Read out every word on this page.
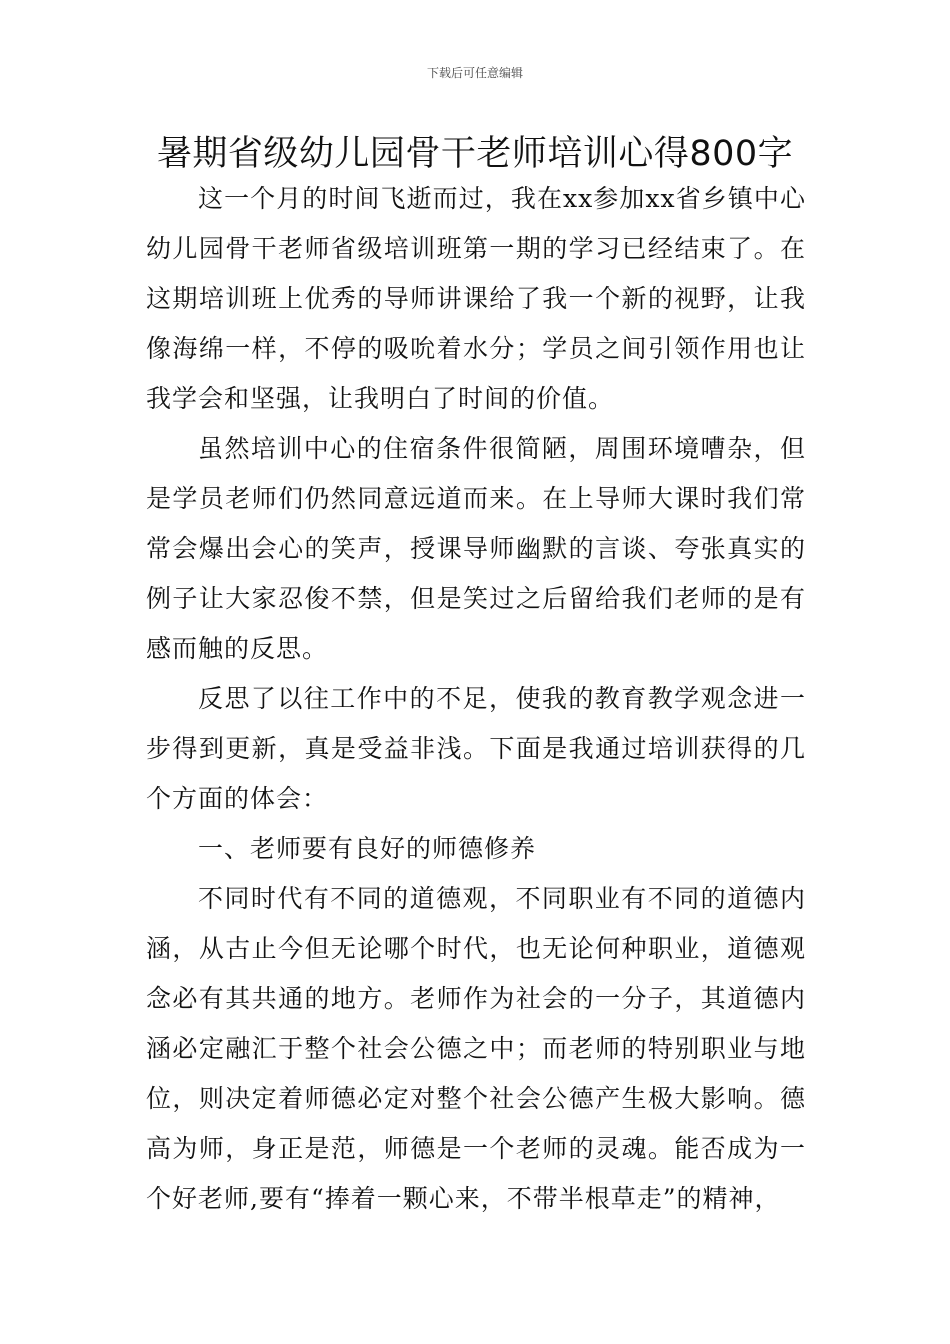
下载后可任意编辑
暑期省级幼儿园骨干老师培训心得800字

这一个月的时间飞逝而过，我在xx参加xx省乡镇中心幼儿园骨干老师省级培训班第一期的学习已经结束了。在这期培训班上优秀的导师讲课给了我一个新的视野，让我像海绵一样，不停的吸吮着水分；学员之间引领作用也让我学会和坚强，让我明白了时间的价值。

虽然培训中心的住宿条件很简陋，周围环境嘈杂，但是学员老师们仍然同意远道而来。在上导师大课时我们常常会爆出会心的笑声，授课导师幽默的言谈、夸张真实的例子让大家忍俊不禁，但是笑过之后留给我们老师的是有感而触的反思。

反思了以往工作中的不足，使我的教育教学观念进一步得到更新，真是受益非浅。下面是我通过培训获得的几个方面的体会：

一、老师要有良好的师德修养

不同时代有不同的道德观，不同职业有不同的道德内涵，从古止今但无论哪个时代，也无论何种职业，道德观念必有其共通的地方。老师作为社会的一分子，其道德内涵必定融汇于整个社会公德之中；而老师的特别职业与地位，则决定着师德必定对整个社会公德产生极大影响。德高为师，身正是范，师德是一个老师的灵魂。能否成为一个好老师,要有“捧着一颗心来，不带半根草走”的精神，
